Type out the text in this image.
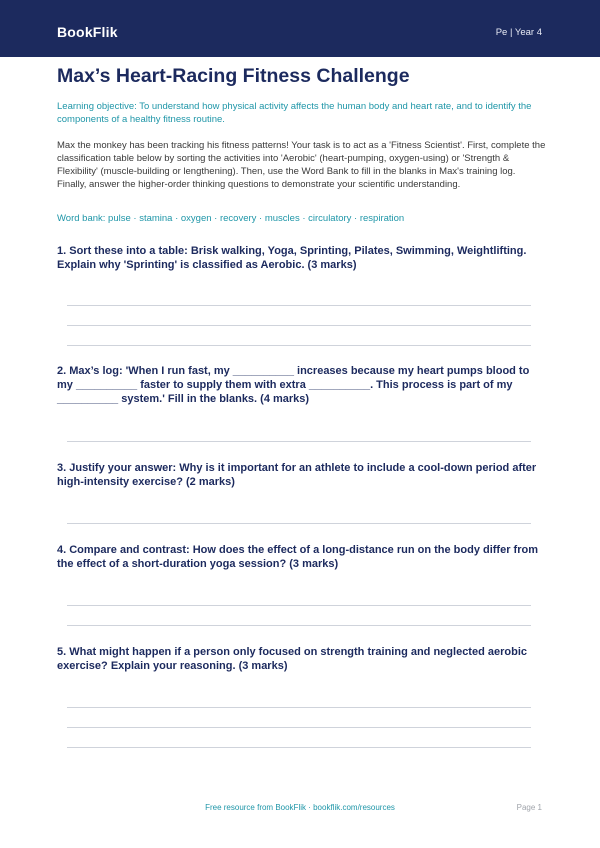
BookFlik	Pe | Year 4
Max’s Heart-Racing Fitness Challenge

Learning objective: To understand how physical activity affects the human body and heart rate, and to identify the components of a healthy fitness routine.

Max the monkey has been tracking his fitness patterns! Your task is to act as a 'Fitness Scientist'. First, complete the classification table below by sorting the activities into 'Aerobic' (heart-pumping, oxygen-using) or 'Strength & Flexibility' (muscle-building or lengthening). Then, use the Word Bank to fill in the blanks in Max's training log. Finally, answer the higher-order thinking questions to demonstrate your scientific understanding.

Word bank: pulse · stamina · oxygen · recovery · muscles · circulatory · respiration

1. Sort these into a table: Brisk walking, Yoga, Sprinting, Pilates, Swimming, Weightlifting. Explain why 'Sprinting' is classified as Aerobic. (3 marks)

2. Max’s log: 'When I run fast, my __________ increases because my heart pumps blood to my __________ faster to supply them with extra __________. This process is part of my __________ system.' Fill in the blanks. (4 marks)

3. Justify your answer: Why is it important for an athlete to include a cool-down period after high-intensity exercise? (2 marks)

4. Compare and contrast: How does the effect of a long-distance run on the body differ from the effect of a short-duration yoga session? (3 marks)

5. What might happen if a person only focused on strength training and neglected aerobic exercise? Explain your reasoning. (3 marks)

Free resource from BookFlik · bookflik.com/resources	Page 1
